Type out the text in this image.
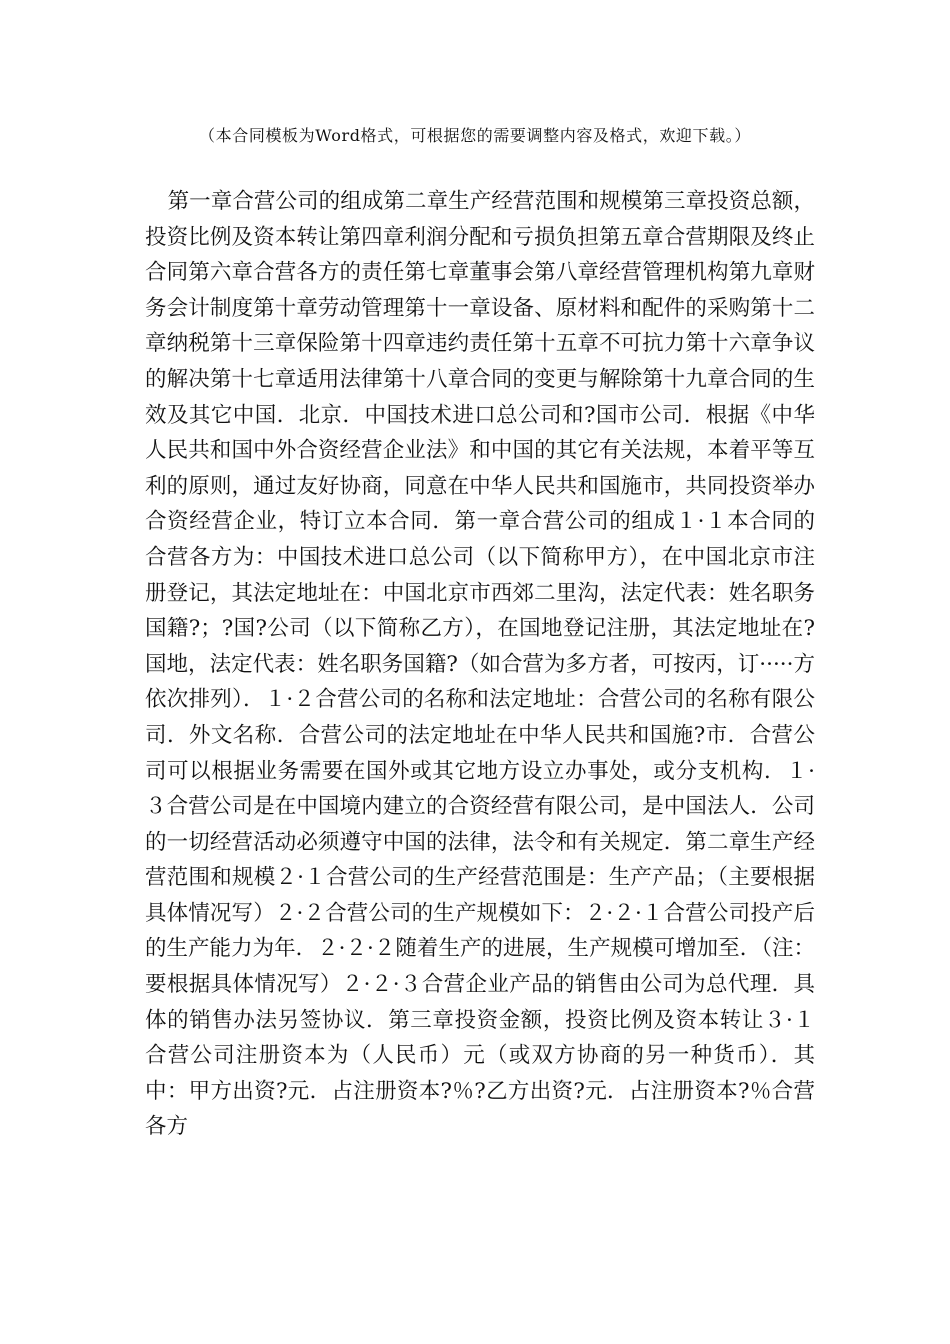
（本合同模板为Word格式，可根据您的需要调整内容及格式，欢迎下载。）

第一章合营公司的组成第二章生产经营范围和规模第三章投资总额，投资比例及资本转让第四章利润分配和亏损负担第五章合营期限及终止合同第六章合营各方的责任第七章董事会第八章经营管理机构第九章财务会计制度第十章劳动管理第十一章设备、原材料和配件的采购第十二章纳税第十三章保险第十四章违约责任第十五章不可抗力第十六章争议的解决第十七章适用法律第十八章合同的变更与解除第十九章合同的生效及其它中国．北京．中国技术进口总公司和?国市公司．根据《中华人民共和国中外合资经营企业法》和中国的其它有关法规，本着平等互利的原则，通过友好协商，同意在中华人民共和国施市，共同投资举办合资经营企业，特订立本合同．第一章合营公司的组成１·１本合同的合营各方为：中国技术进口总公司（以下简称甲方），在中国北京市注册登记，其法定地址在：中国北京市西郊二里沟，法定代表：姓名职务国籍?；?国?公司（以下简称乙方），在国地登记注册，其法定地址在?国地，法定代表：姓名职务国籍?（如合营为多方者，可按丙，订·····方依次排列）．１·２合营公司的名称和法定地址：合营公司的名称有限公司．外文名称．合营公司的法定地址在中华人民共和国施?市．合营公司可以根据业务需要在国外或其它地方设立办事处，或分支机构．１·３合营公司是在中国境内建立的合资经营有限公司，是中国法人．公司的一切经营活动必须遵守中国的法律，法令和有关规定．第二章生产经营范围和规模２·１合营公司的生产经营范围是：生产产品；（主要根据具体情况写）２·２合营公司的生产规模如下：２·２·１合营公司投产后的生产能力为年．２·２·２随着生产的进展，生产规模可增加至．（注：要根据具体情况写）２·２·３合营企业产品的销售由公司为总代理．具体的销售办法另签协议．第三章投资金额，投资比例及资本转让３·１合营公司注册资本为（人民币）元（或双方协商的另一种货币）．其中：甲方出资?元．占注册资本?％?乙方出资?元．占注册资本?％合营各方
